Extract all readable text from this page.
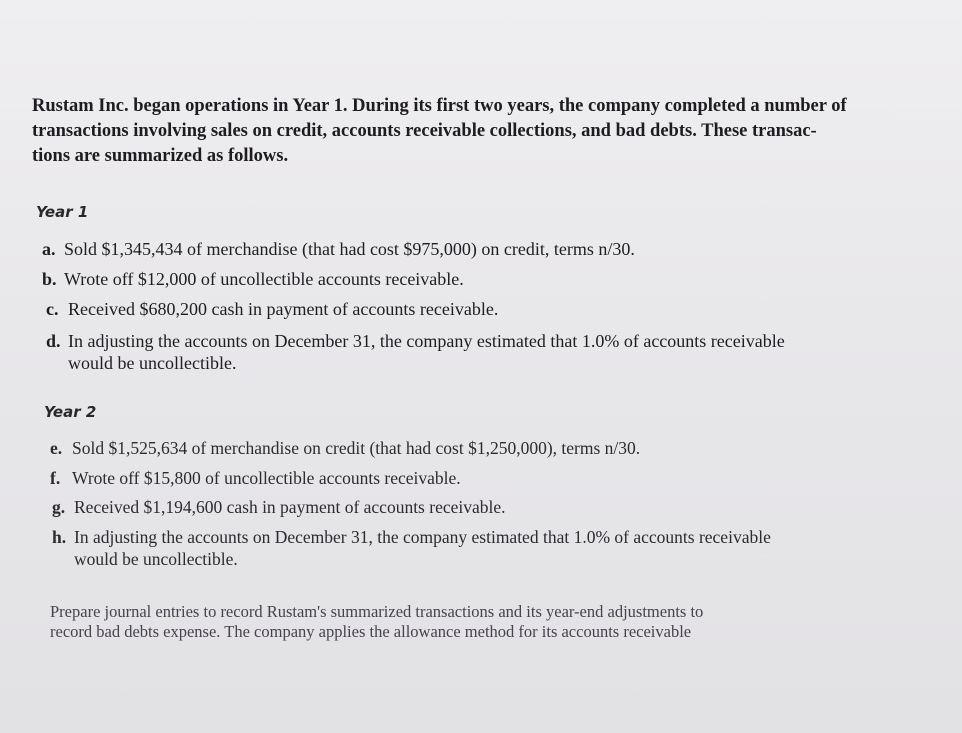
Rustam Inc. began operations in Year 1. During its first two years, the company completed a number of
transactions involving sales on credit, accounts receivable collections, and bad debts. These transac-
tions are summarized as follows.
Year 1
a. Sold $1,345,434 of merchandise (that had cost $975,000) on credit, terms n/30.
b. Wrote off $12,000 of uncollectible accounts receivable.
c. Received $680,200 cash in payment of accounts receivable.
d. In adjusting the accounts on December 31, the company estimated that 1.0% of accounts receivable
would be uncollectible.
Year 2
e. Sold $1,525,634 of merchandise on credit (that had cost $1,250,000), terms n/30.
f. Wrote off $15,800 of uncollectible accounts receivable.
g. Received $1,194,600 cash in payment of accounts receivable.
h. In adjusting the accounts on December 31, the company estimated that 1.0% of accounts receivable
would be uncollectible.
Prepare journal entries to record Rustam's summarized transactions and its year-end adjustments to
record bad debts expense. The company applies the allowance method for its accounts receivable
